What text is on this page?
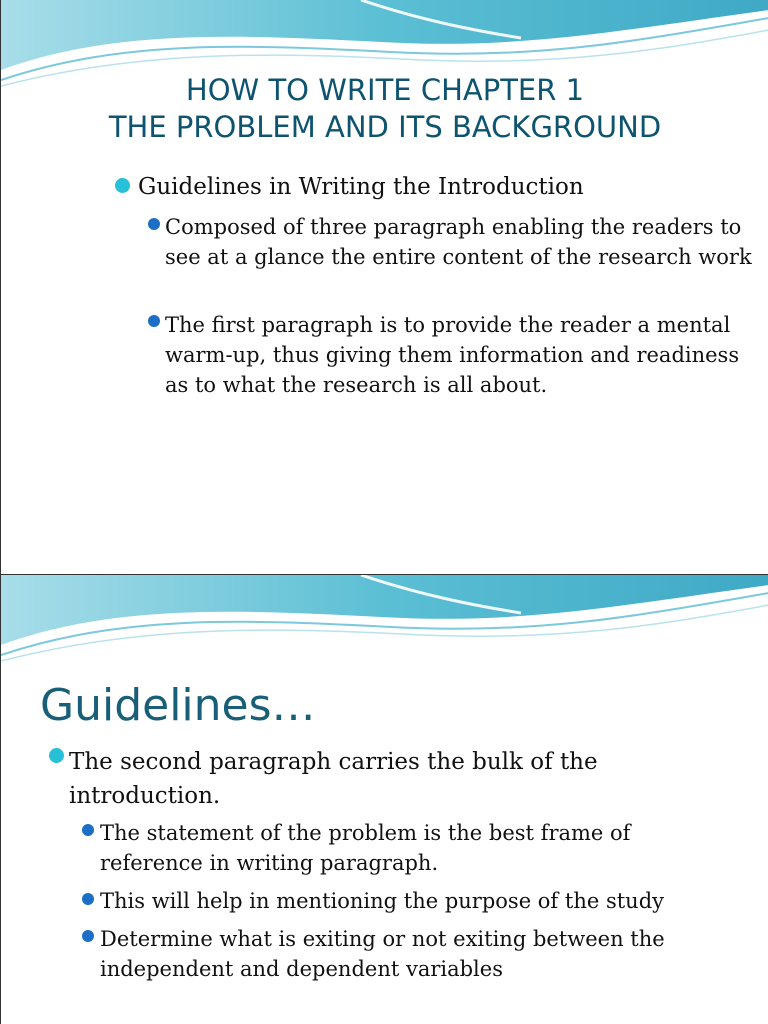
HOW TO WRITE CHAPTER 1
THE PROBLEM AND ITS BACKGROUND
Guidelines in Writing the Introduction
Composed of three paragraph enabling the readers to see at a glance the entire content of the research work
The first paragraph is to provide the reader a mental warm-up, thus giving them information and readiness as to what the research is all about.
Guidelines…
The second paragraph carries the bulk of the introduction.
The statement of the problem is the best frame of reference in writing paragraph.
This will help in mentioning the purpose of the study
Determine what is exiting or not exiting between the independent and dependent variables
